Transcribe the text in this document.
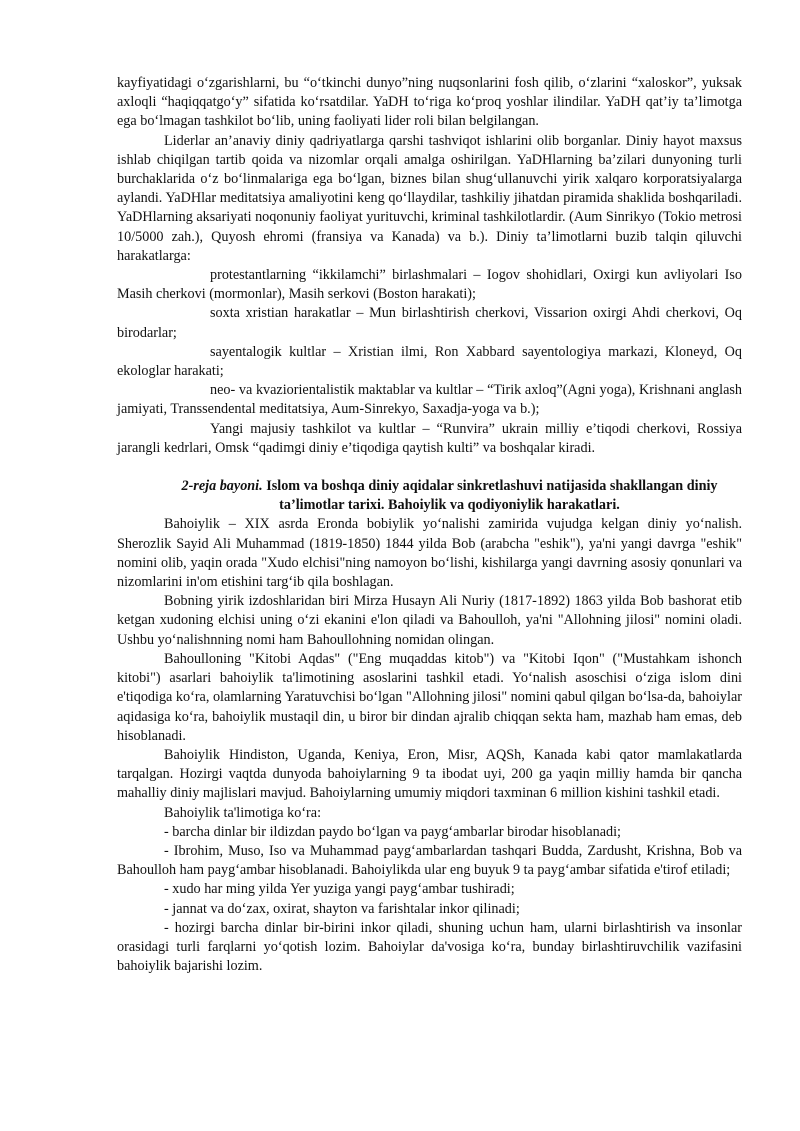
kayfiyatidagi o‘zgarishlarni, bu “o‘tkinchi dunyo”ning nuqsonlarini fosh qilib, o‘zlarini “xaloskor”, yuksak axloqli “haqiqqatgo‘y” sifatida ko‘rsatdilar. YaDH to‘riga ko‘proq yoshlar ilindilar. YaDH qat’iy ta’limotga ega bo‘lmagan tashkilot bo‘lib, uning faoliyati lider roli bilan belgilangan.

Liderlar an’anaviy diniy qadriyatlarga qarshi tashviqot ishlarini olib borganlar. Diniy hayot maxsus ishlab chiqilgan tartib qoida va nizomlar orqali amalga oshirilgan. YaDHlarning ba’zilari dunyoning turli burchaklarida o‘z bo‘linmalariga ega bo‘lgan, biznes bilan shug‘ullanuvchi yirik xalqaro korporatsiyalarga aylandi. YaDHlar meditatsiya amaliyotini keng qo‘llaydilar, tashkiliy jihatdan piramida shaklida boshqariladi. YaDHlarning aksariyati noqonuniy faoliyat yurituvchi, kriminal tashkilotlardir. (Aum Sinrikyo (Tokio metrosi 10/5000 zah.), Quyosh ehromi (fransiya va Kanada) va b.). Diniy ta’limotlarni buzib talqin qiluvchi harakatlarga:

protestantlarning “ikkilamchi” birlashmalari – Iogov shohidlari, Oxirgi kun avliyolari Iso Masih cherkovi (mormonlar), Masih serkovi (Boston harakati);

soxta xristian harakatlar – Mun birlashtirish cherkovi, Vissarion oxirgi Ahdi cherkovi, Oq birodarlar;

sayentalogik kultlar – Xristian ilmi, Ron Xabbard sayentologiya markazi, Kloneyd, Oq ekologlar harakati;

neo- va kvaziorientalistik maktablar va kultlar – “Tirik axloq”(Agni yoga), Krishnani anglash jamiyati, Transsendental meditatsiya, Aum-Sinrekyo, Saxadja-yoga va b.);

Yangi majusiy tashkilot va kultlar – “Runvira” ukrain milliy e’tiqodi cherkovi, Rossiya jarangli kedrlari, Omsk “qadimgi diniy e’tiqodiga qaytish kulti” va boshqalar kiradi.

2-reja bayoni. Islom va boshqa diniy aqidalar sinkretlashuvi natijasida shakllangan diniy ta’limotlar tarixi. Bahoiylik va qodiyoniylik harakatlari.

Bahoiylik – XIX asrda Eronda bobiylik yo‘nalishi zamirida vujudga kelgan diniy yo‘nalish. Sherozlik Sayid Ali Muhammad (1819-1850) 1844 yilda Bob (arabcha "eshik"), ya'ni yangi davrga "eshik" nomini olib, yaqin orada "Xudo elchisi"ning namoyon bo‘lishi, kishilarga yangi davrning asosiy qonunlari va nizomlarini in'om etishini targ‘ib qila boshlagan.

Bobning yirik izdoshlaridan biri Mirza Husayn Ali Nuriy (1817-1892) 1863 yilda Bob bashorat etib ketgan xudoning elchisi uning o‘zi ekanini e'lon qiladi va Bahoulloh, ya'ni "Allohning jilosi" nomini oladi. Ushbu yo‘nalishnning nomi ham Bahoullohning nomidan olingan.

Bahoulloning "Kitobi Aqdas" ("Eng muqaddas kitob") va "Kitobi Iqon" ("Mustahkam ishonch kitobi") asarlari bahoiylik ta'limotining asoslarini tashkil etadi. Yo‘nalish asoschisi o‘ziga islom dini e'tiqodiga ko‘ra, olamlarning Yaratuvchisi bo‘lgan "Allohning jilosi" nomini qabul qilgan bo‘lsa-da, bahoiylar aqidasiga ko‘ra, bahoiylik mustaqil din, u biror bir dindan ajralib chiqqan sekta ham, mazhab ham emas, deb hisoblanadi.

Bahoiylik Hindiston, Uganda, Keniya, Eron, Misr, AQSh, Kanada kabi qator mamlakatlarda tarqalgan. Hozirgi vaqtda dunyoda bahoiylarning 9 ta ibodat uyi, 200 ga yaqin milliy hamda bir qancha mahalliy diniy majlislari mavjud. Bahoiylarning umumiy miqdori taxminan 6 million kishini tashkil etadi.

Bahoiylik ta'limotiga ko‘ra:

- barcha dinlar bir ildizdan paydo bo‘lgan va payg‘ambarlar birodar hisoblanadi;

- Ibrohim, Muso, Iso va Muhammad payg‘ambarlardan tashqari Budda, Zardusht, Krishna, Bob va Bahoulloh ham payg‘ambar hisoblanadi. Bahoiylikda ular eng buyuk 9 ta payg‘ambar sifatida e'tirof etiladi;

- xudo har ming yilda Yer yuziga yangi payg‘ambar tushiradi;

- jannat va do‘zax, oxirat, shayton va farishtalar inkor qilinadi;

- hozirgi barcha dinlar bir-birini inkor qiladi, shuning uchun ham, ularni birlashtirish va insonlar orasidagi turli farqlarni yo‘qotish lozim. Bahoiylar da'vosiga ko‘ra, bunday birlashtiruvchilik vazifasini bahoiylik bajarishi lozim.
